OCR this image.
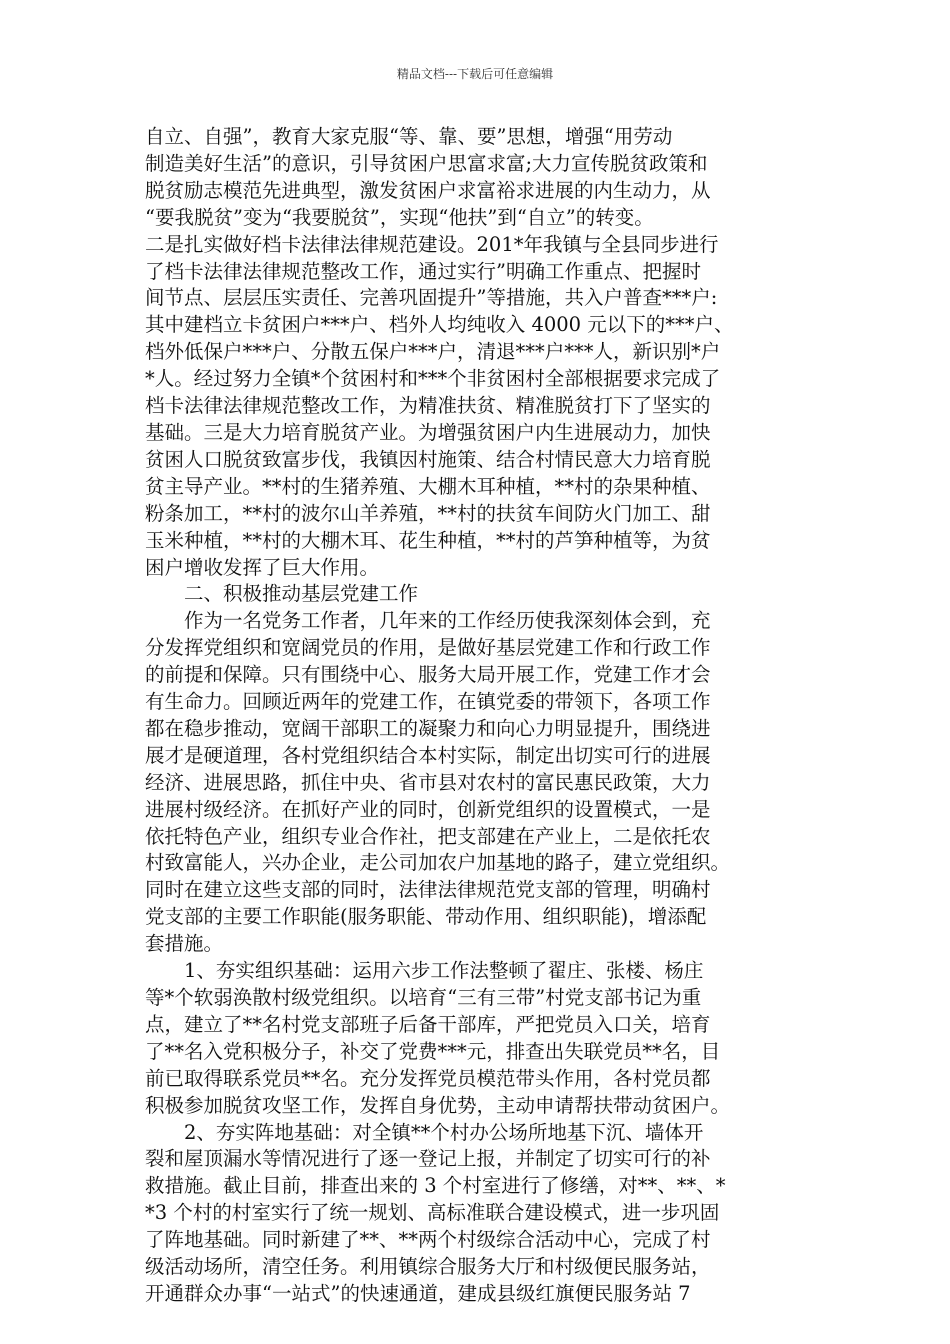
精品文档---下载后可任意编辑
自立、自强”，教育大家克服“等、靠、要”思想，增强“用劳动
制造美好生活”的意识，引导贫困户思富求富;大力宣传脱贫政策和
脱贫励志模范先进典型，激发贫困户求富裕求进展的内生动力，从
“要我脱贫”变为“我要脱贫”，实现“他扶”到“自立”的转变。
二是扎实做好档卡法律法律规范建设。201*年我镇与全县同步进行
了档卡法律法律规范整改工作，通过实行”明确工作重点、把握时
间节点、层层压实责任、完善巩固提升”等措施，共入户普查***户:
其中建档立卡贫困户***户、档外人均纯收入 4000 元以下的***户、
档外低保户***户、分散五保户***户，清退***户***人，新识别*户
*人。经过努力全镇*个贫困村和***个非贫困村全部根据要求完成了
档卡法律法律规范整改工作，为精准扶贫、精准脱贫打下了坚实的
基础。三是大力培育脱贫产业。为增强贫困户内生进展动力，加快
贫困人口脱贫致富步伐，我镇因村施策、结合村情民意大力培育脱
贫主导产业。**村的生猪养殖、大棚木耳种植，**村的杂果种植、
粉条加工，**村的波尔山羊养殖，**村的扶贫车间防火门加工、甜
玉米种植，**村的大棚木耳、花生种植，**村的芦笋种植等，为贫
困户增收发挥了巨大作用。
　　二、积极推动基层党建工作
　　作为一名党务工作者，几年来的工作经历使我深刻体会到，充
分发挥党组织和宽阔党员的作用，是做好基层党建工作和行政工作
的前提和保障。只有围绕中心、服务大局开展工作，党建工作才会
有生命力。回顾近两年的党建工作，在镇党委的带领下，各项工作
都在稳步推动，宽阔干部职工的凝聚力和向心力明显提升，围绕进
展才是硬道理，各村党组织结合本村实际，制定出切实可行的进展
经济、进展思路，抓住中央、省市县对农村的富民惠民政策，大力
进展村级经济。在抓好产业的同时，创新党组织的设置模式，一是
依托特色产业，组织专业合作社，把支部建在产业上，二是依托农
村致富能人，兴办企业，走公司加农户加基地的路子，建立党组织。
同时在建立这些支部的同时，法律法律规范党支部的管理，明确村
党支部的主要工作职能(服务职能、带动作用、组织职能)，增添配
套措施。
　　1、夯实组织基础：运用六步工作法整顿了翟庄、张楼、杨庄
等*个软弱涣散村级党组织。以培育“三有三带”村党支部书记为重
点，建立了**名村党支部班子后备干部库，严把党员入口关，培育
了**名入党积极分子，补交了党费***元，排查出失联党员**名，目
前已取得联系党员**名。充分发挥党员模范带头作用，各村党员都
积极参加脱贫攻坚工作，发挥自身优势，主动申请帮扶带动贫困户。
　　2、夯实阵地基础：对全镇**个村办公场所地基下沉、墙体开
裂和屋顶漏水等情况进行了逐一登记上报，并制定了切实可行的补
救措施。截止目前，排查出来的 3 个村室进行了修缮，对**、**、*
*3 个村的村室实行了统一规划、高标准联合建设模式，进一步巩固
了阵地基础。同时新建了**、**两个村级综合活动中心，完成了村
级活动场所，清空任务。利用镇综合服务大厅和村级便民服务站，
开通群众办事“一站式”的快速通道，建成县级红旗便民服务站 7
